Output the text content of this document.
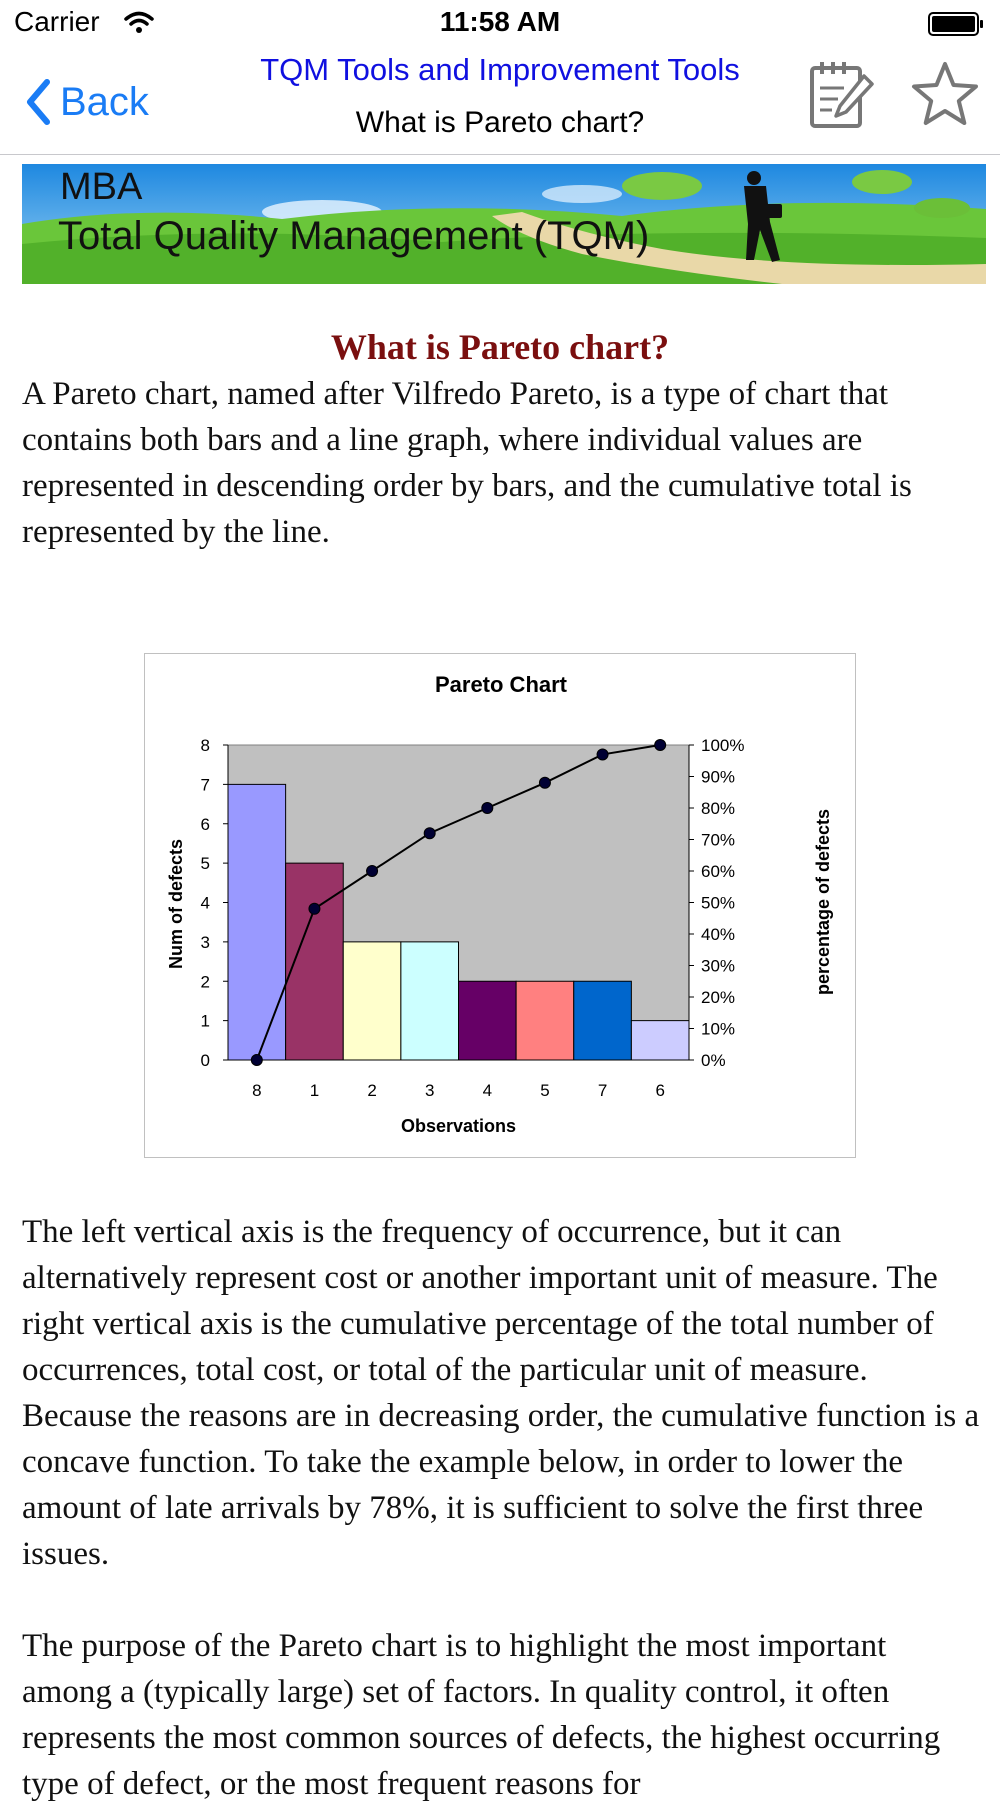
Carrier	11:58 AM
Back
TQM Tools and Improvement Tools
What is Pareto chart?
MBA
Total Quality Management (TQM)
What is Pareto chart?

A Pareto chart, named after Vilfredo Pareto, is a type of chart that contains both bars and a line graph, where individual values are represented in descending order by bars, and the cumulative total is represented by the line.

0
1
2
3
4
5
6
7
8
0%
10%
20%
30%
40%
50%
60%
70%
80%
90%
100%
8	1	2	3	4	5	7	6
Pareto Chart
Observations
Num of defects	percentage of defects

The left vertical axis is the frequency of occurrence, but it can alternatively represent cost or another important unit of measure. The right vertical axis is the cumulative percentage of the total number of occurrences, total cost, or total of the particular unit of measure. Because the reasons are in decreasing order, the cumulative function is a concave function. To take the example below, in order to lower the amount of late arrivals by 78%, it is sufficient to solve the first three issues.

The purpose of the Pareto chart is to highlight the most important among a (typically large) set of factors. In quality control, it often represents the most common sources of defects, the highest occurring type of defect, or the most frequent reasons for
